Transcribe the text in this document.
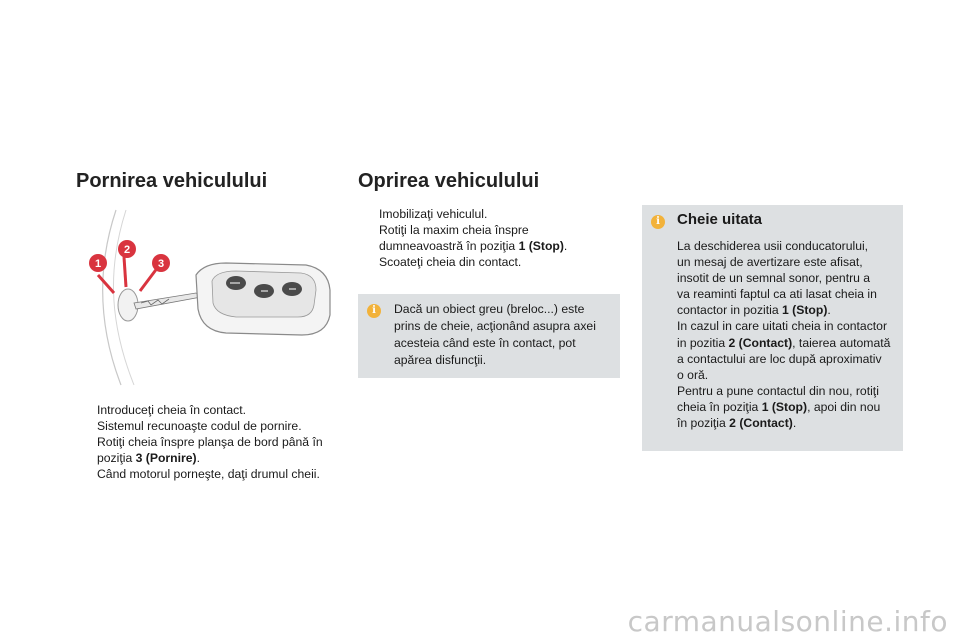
Pornirea vehiculului
1
2
3
Introduceţi cheia în contact.
Sistemul recunoaşte codul de pornire.
Rotiţi cheia înspre planşa de bord până în
poziţia 3 (Pornire).
Când motorul porneşte, daţi drumul cheii.
Oprirea vehiculului
Imobilizaţi vehiculul.
Rotiţi la maxim cheia înspre
dumneavoastră în poziţia 1 (Stop).
Scoateţi cheia din contact.
i	Dacă un obiect greu (breloc...) este
prins de cheie, acţionând asupra axei
acesteia când este în contact, pot
apărea disfuncţii.
i	Cheie uitata
La deschiderea usii conducatorului,
un mesaj de avertizare este afisat,
insotit de un semnal sonor, pentru a
va reaminti faptul ca ati lasat cheia in
contactor in pozitia 1 (Stop).
In cazul in care uitati cheia in contactor
in pozitia 2 (Contact), taierea automată
a contactului are loc după aproximativ
o oră.
Pentru a pune contactul din nou, rotiţi
cheia în poziţia 1 (Stop), apoi din nou
în poziţia 2 (Contact).
carmanualsonline.info
